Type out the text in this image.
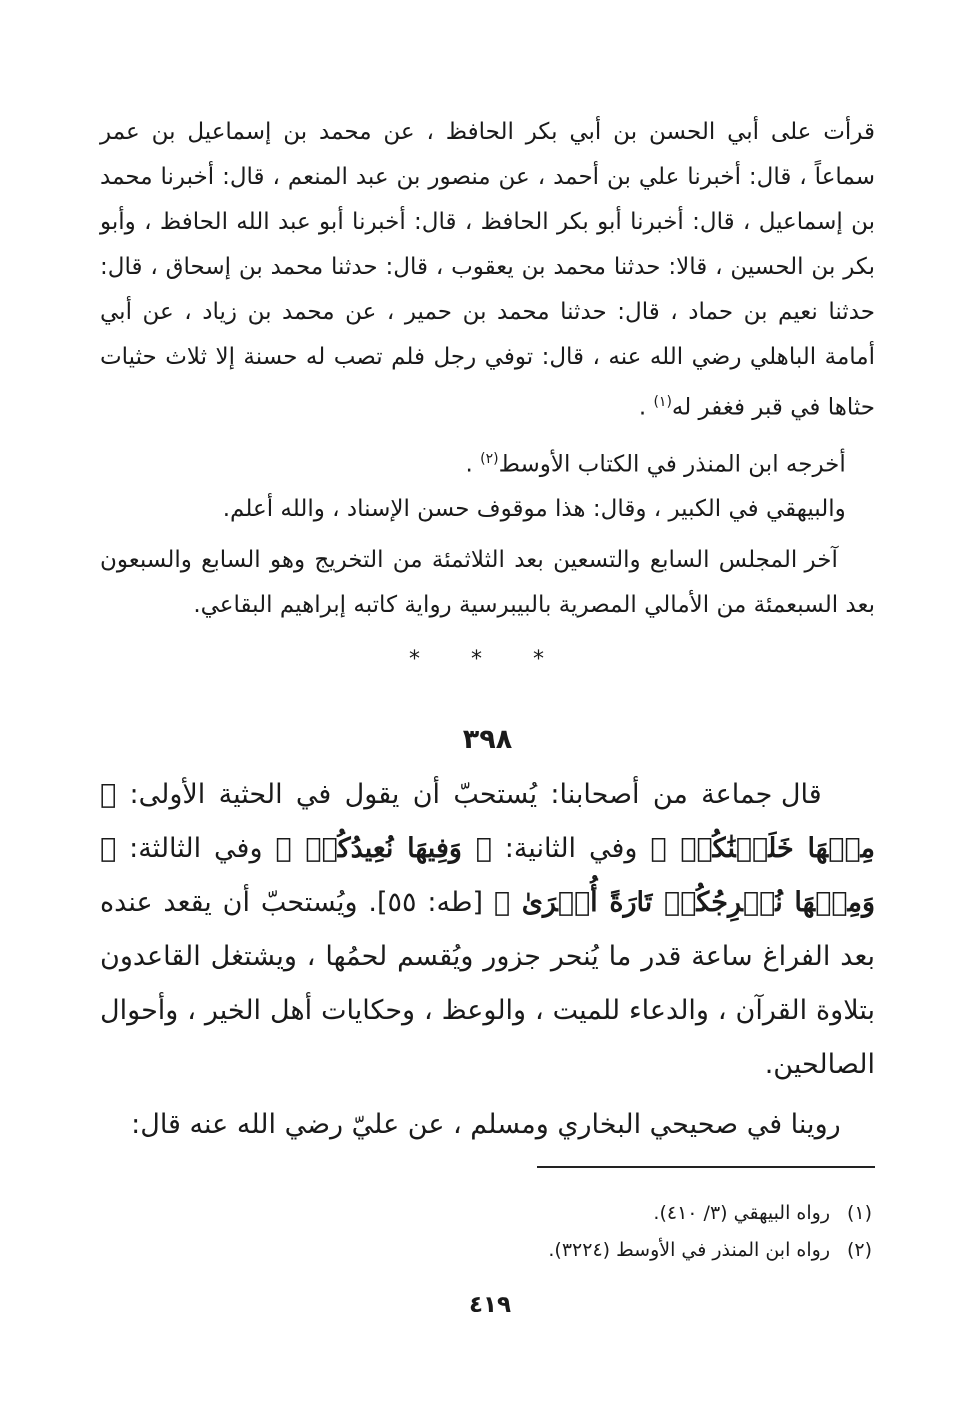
قرأت على أبي الحسن بن أبي بكر الحافظ ، عن محمد بن إسماعيل بن عمر سماعاً ، قال: أخبرنا علي بن أحمد ، عن منصور بن عبد المنعم ، قال: أخبرنا محمد بن إسماعيل ، قال: أخبرنا أبو بكر الحافظ ، قال: أخبرنا أبو عبد الله الحافظ ، وأبو بكر بن الحسين ، قالا: حدثنا محمد بن يعقوب ، قال: حدثنا محمد بن إسحاق ، قال: حدثنا نعيم بن حماد ، قال: حدثنا محمد بن حمير ، عن محمد بن زياد ، عن أبي أمامة الباهلي رضي الله عنه ، قال: توفي رجل فلم تصب له حسنة إلا ثلاث حثيات حثاها في قبر فغفر له$^{(١)}$ .

أخرجه ابن المنذر في الكتاب الأوسط$^{(٢)}$ .

والبيهقي في الكبير ، وقال: هذا موقوف حسن الإسناد ، والله أعلم.

آخر المجلس السابع والتسعين بعد الثلاثمئة من التخريج وهو السابع والسبعون بعد السبعمئة من الأمالي المصرية بالبيبرسية رواية كاتبه إبراهيم البقاعي.

* * *
٣٩٨

قال جماعة من أصحابنا: يُستحبّ أن يقول في الحثية الأولى: ﴿ مِنۡهَا خَلَقۡنَٰكُمۡ ﴾ وفي الثانية: ﴿ وَفِيهَا نُعِيدُكُمۡ ﴾ وفي الثالثة: ﴿ وَمِنۡهَا نُخۡرِجُكُمۡ تَارَةً أُخۡرَىٰ ﴾ [طه: ٥٥]. ويُستحبّ أن يقعد عنده بعد الفراغ ساعة قدر ما يُنحر جزور ويُقسم لحمُها ، ويشتغل القاعدون بتلاوة القرآن ، والدعاء للميت ، والوعظ ، وحكايات أهل الخير ، وأحوال الصالحين.

روينا في صحيحي البخاري ومسلم ، عن عليّ رضي الله عنه قال:

(١)رواه البيهقي (٣/ ٤١٠).

(٢)رواه ابن المنذر في الأوسط (٣٢٢٤).

٤١٩
